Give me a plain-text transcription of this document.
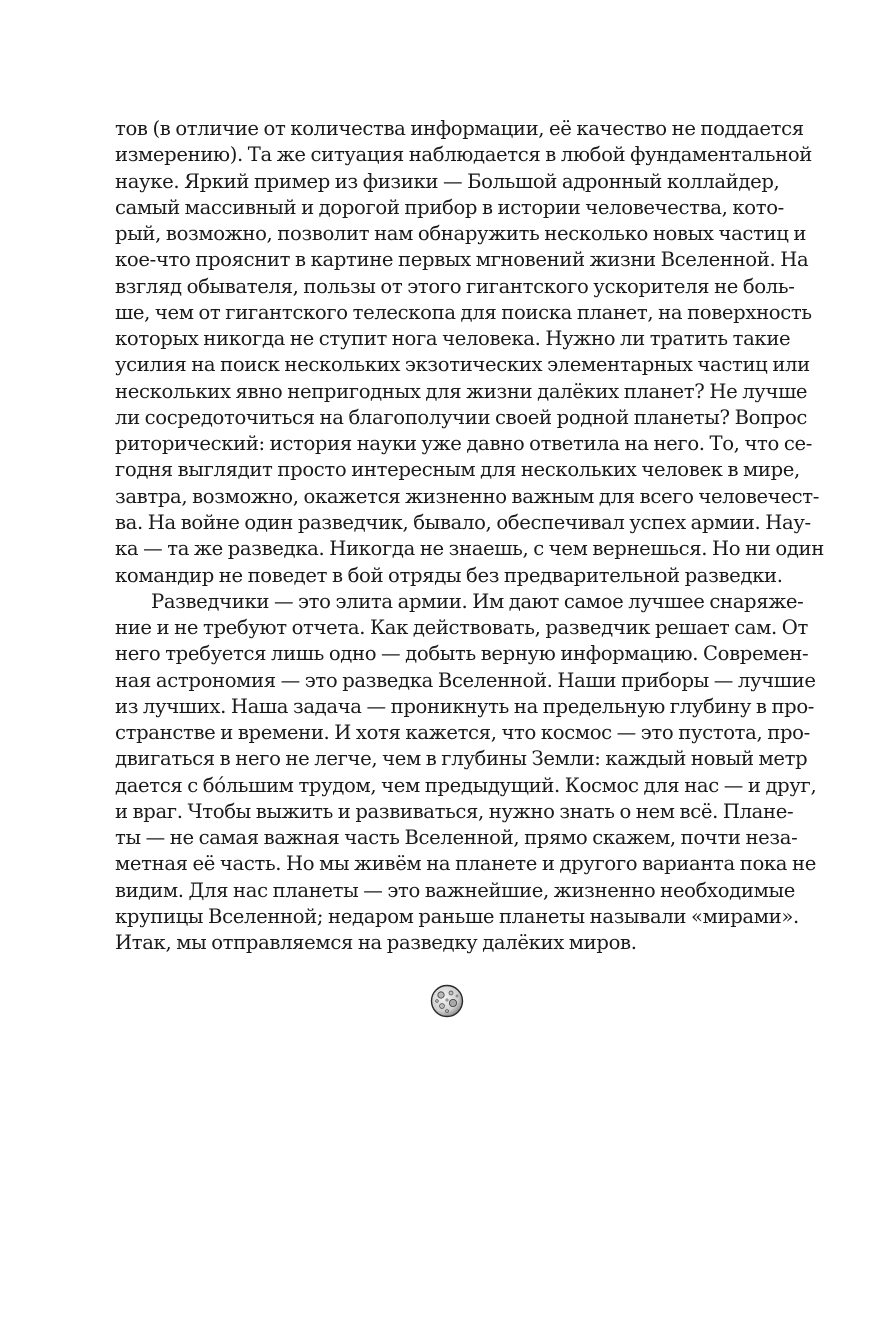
тов (в отличие от количества информации, её качество не поддается
измерению). Та же ситуация наблюдается в любой фундаментальной
науке. Яркий пример из физики — Большой адронный коллайдер,
самый массивный и дорогой прибор в истории человечества, кото-
рый, возможно, позволит нам обнаружить несколько новых частиц и
кое-что прояснит в картине первых мгновений жизни Вселенной. На
взгляд обывателя, пользы от этого гигантского ускорителя не боль-
ше, чем от гигантского телескопа для поиска планет, на поверхность
которых никогда не ступит нога человека. Нужно ли тратить такие
усилия на поиск нескольких экзотических элементарных частиц или
нескольких явно непригодных для жизни далёких планет? Не лучше
ли сосредоточиться на благополучии своей родной планеты? Вопрос
риторический: история науки уже давно ответила на него. То, что се-
годня выглядит просто интересным для нескольких человек в мире,
завтра, возможно, окажется жизненно важным для всего человечест-
ва. На войне один разведчик, бывало, обеспечивал успех армии. Нау-
ка — та же разведка. Никогда не знаешь, с чем вернешься. Но ни один
командир не поведет в бой отряды без предварительной разведки.
Разведчики — это элита армии. Им дают самое лучшее снаряже-
ние и не требуют отчета. Как действовать, разведчик решает сам. От
него требуется лишь одно — добыть верную информацию. Современ-
ная астрономия — это разведка Вселенной. Наши приборы — лучшие
из лучших. Наша задача — проникнуть на предельную глубину в про-
странстве и времени. И хотя кажется, что космос — это пустота, про-
двигаться в него не легче, чем в глубины Земли: каждый новый метр
дается с бóльшим трудом, чем предыдущий. Космос для нас — и друг,
и враг. Чтобы выжить и развиваться, нужно знать о нем всё. Плане-
ты — не самая важная часть Вселенной, прямо скажем, почти неза-
метная её часть. Но мы живём на планете и другого варианта пока не
видим. Для нас планеты — это важнейшие, жизненно необходимые
крупицы Вселенной; недаром раньше планеты называли «мирами».
Итак, мы отправляемся на разведку далёких миров.
